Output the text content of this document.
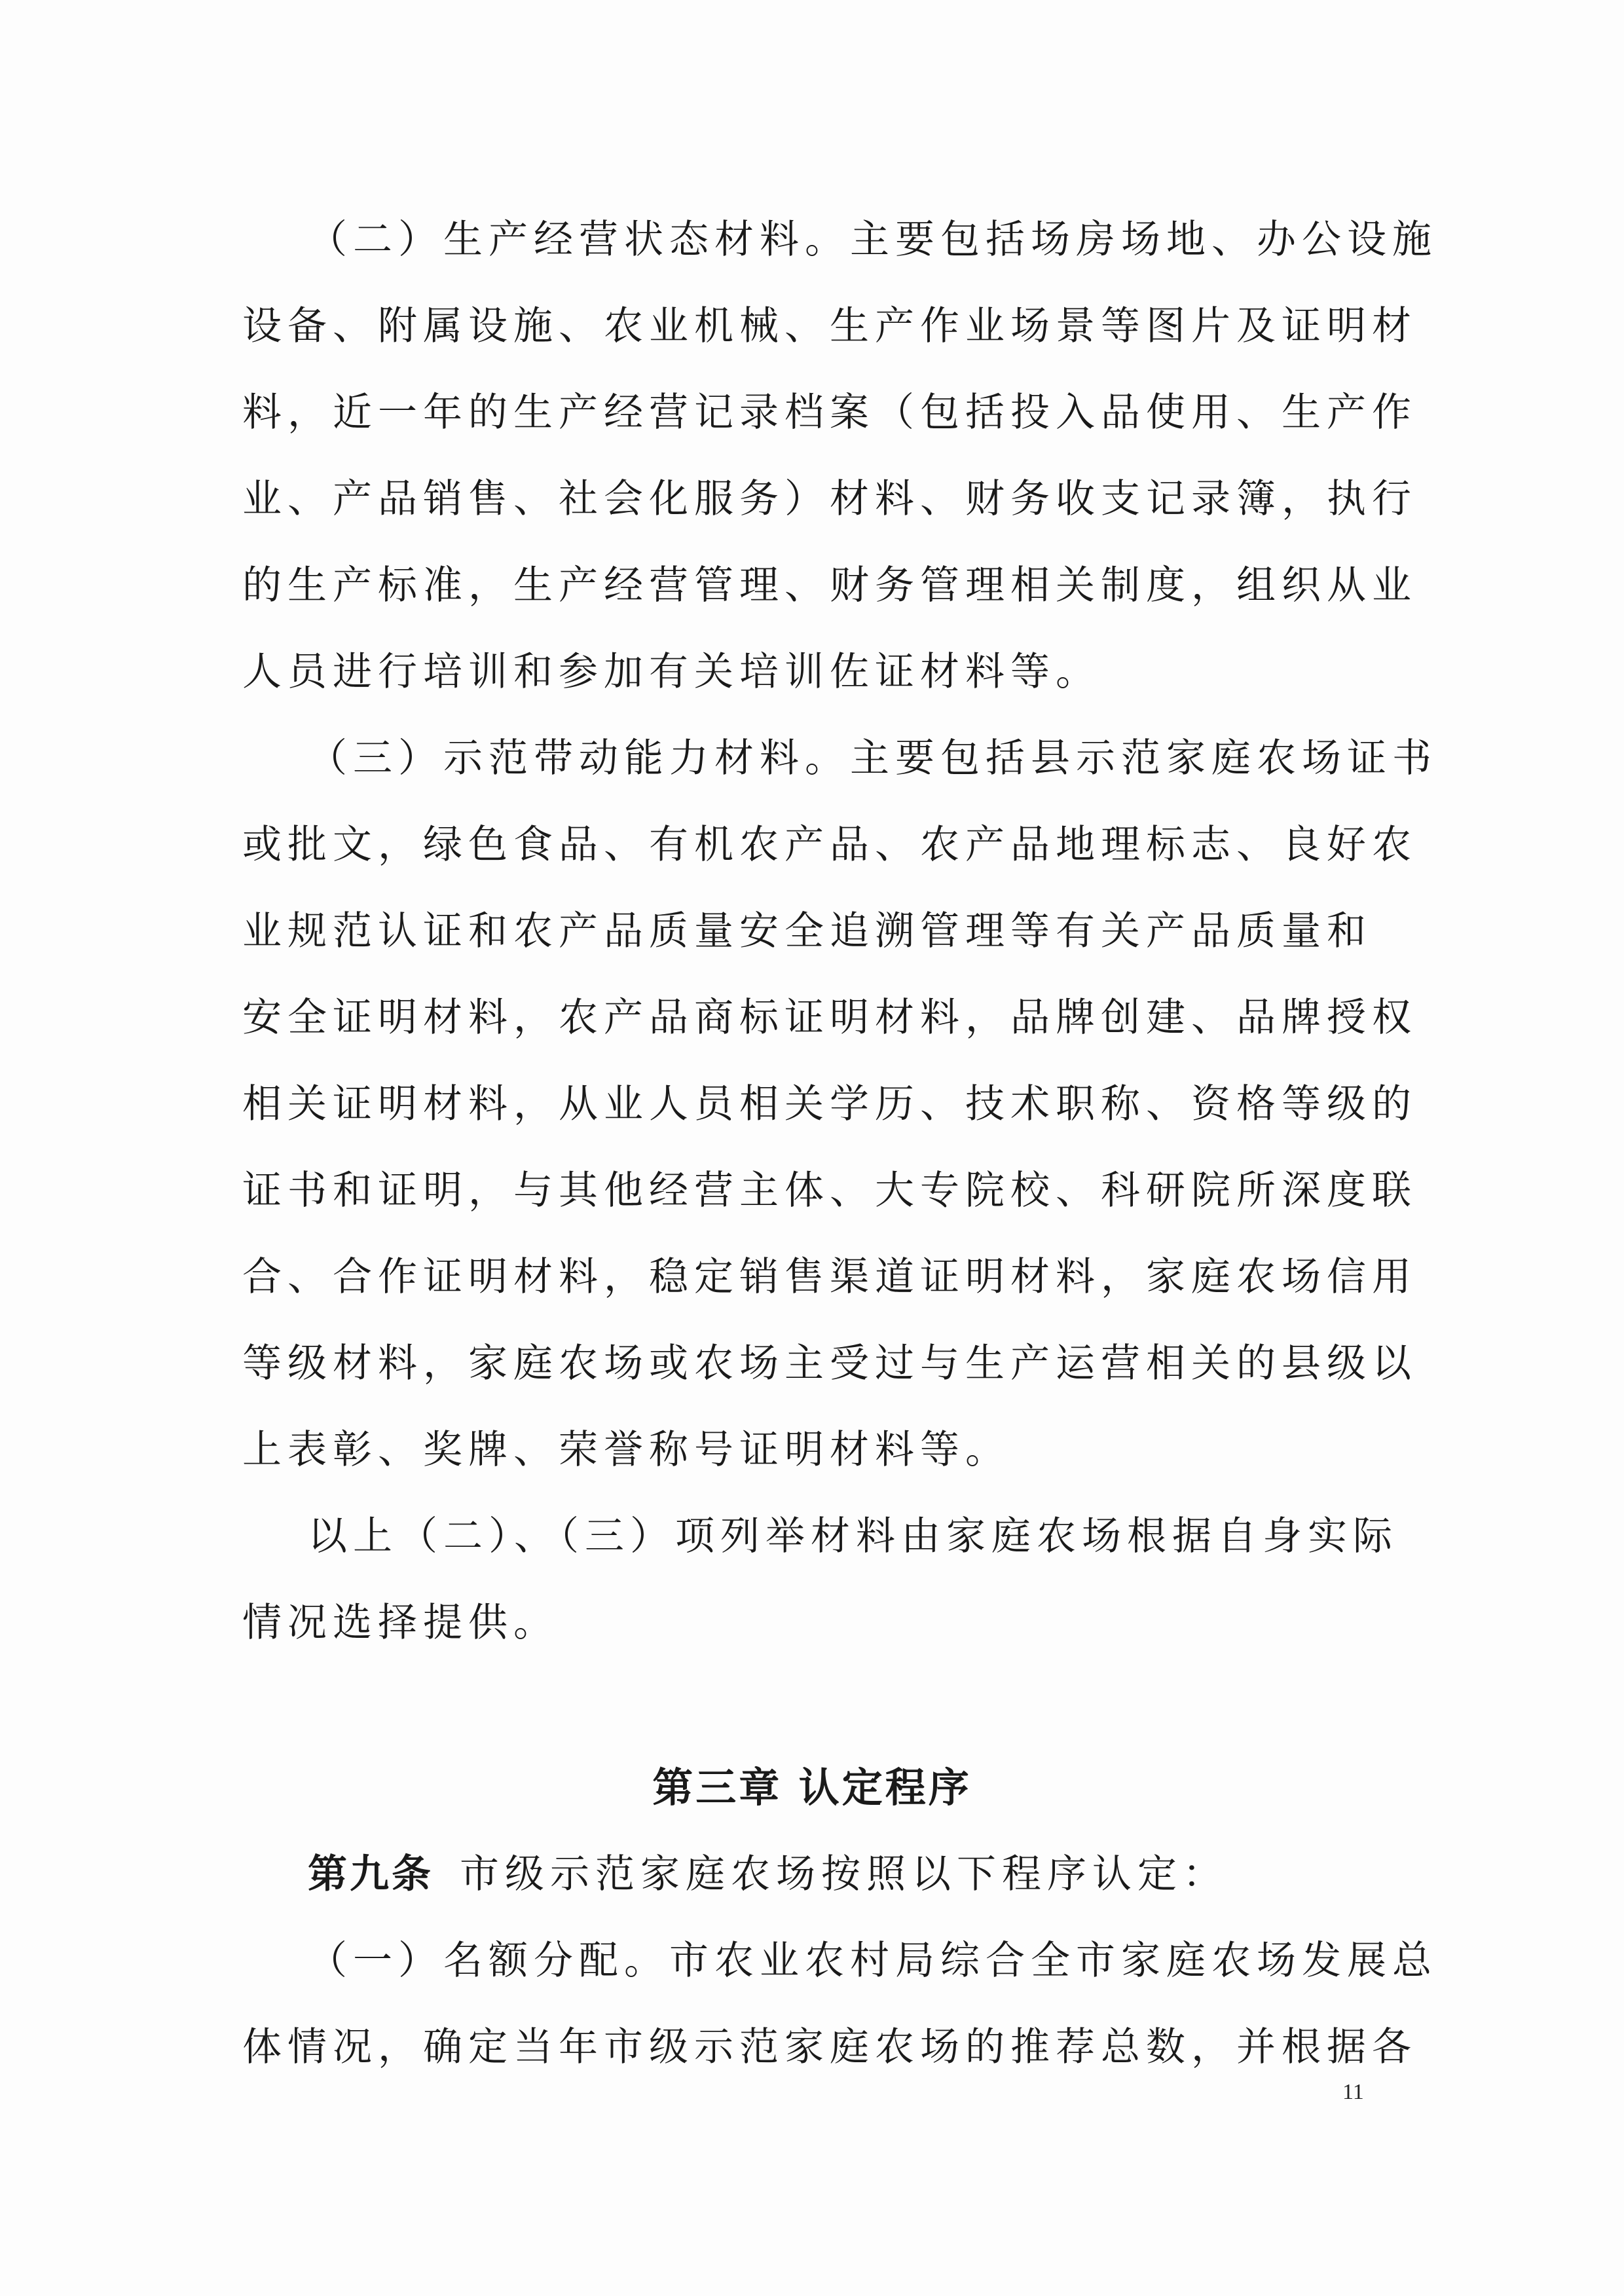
（二）生产经营状态材料。主要包括场房场地、办公设施
设备、附属设施、农业机械、生产作业场景等图片及证明材
料，近一年的生产经营记录档案（包括投入品使用、生产作
业、产品销售、社会化服务）材料、财务收支记录簿，执行
的生产标准，生产经营管理、财务管理相关制度，组织从业
人员进行培训和参加有关培训佐证材料等。
（三）示范带动能力材料。主要包括县示范家庭农场证书
或批文，绿色食品、有机农产品、农产品地理标志、良好农
业规范认证和农产品质量安全追溯管理等有关产品质量和
安全证明材料，农产品商标证明材料，品牌创建、品牌授权
相关证明材料，从业人员相关学历、技术职称、资格等级的
证书和证明，与其他经营主体、大专院校、科研院所深度联
合、合作证明材料，稳定销售渠道证明材料，家庭农场信用
等级材料，家庭农场或农场主受过与生产运营相关的县级以
上表彰、奖牌、荣誉称号证明材料等。
以上（二）、（三）项列举材料由家庭农场根据自身实际
情况选择提供。
第三章 认定程序
第九条 市级示范家庭农场按照以下程序认定：
（一）名额分配。市农业农村局综合全市家庭农场发展总
体情况，确定当年市级示范家庭农场的推荐总数，并根据各
11
